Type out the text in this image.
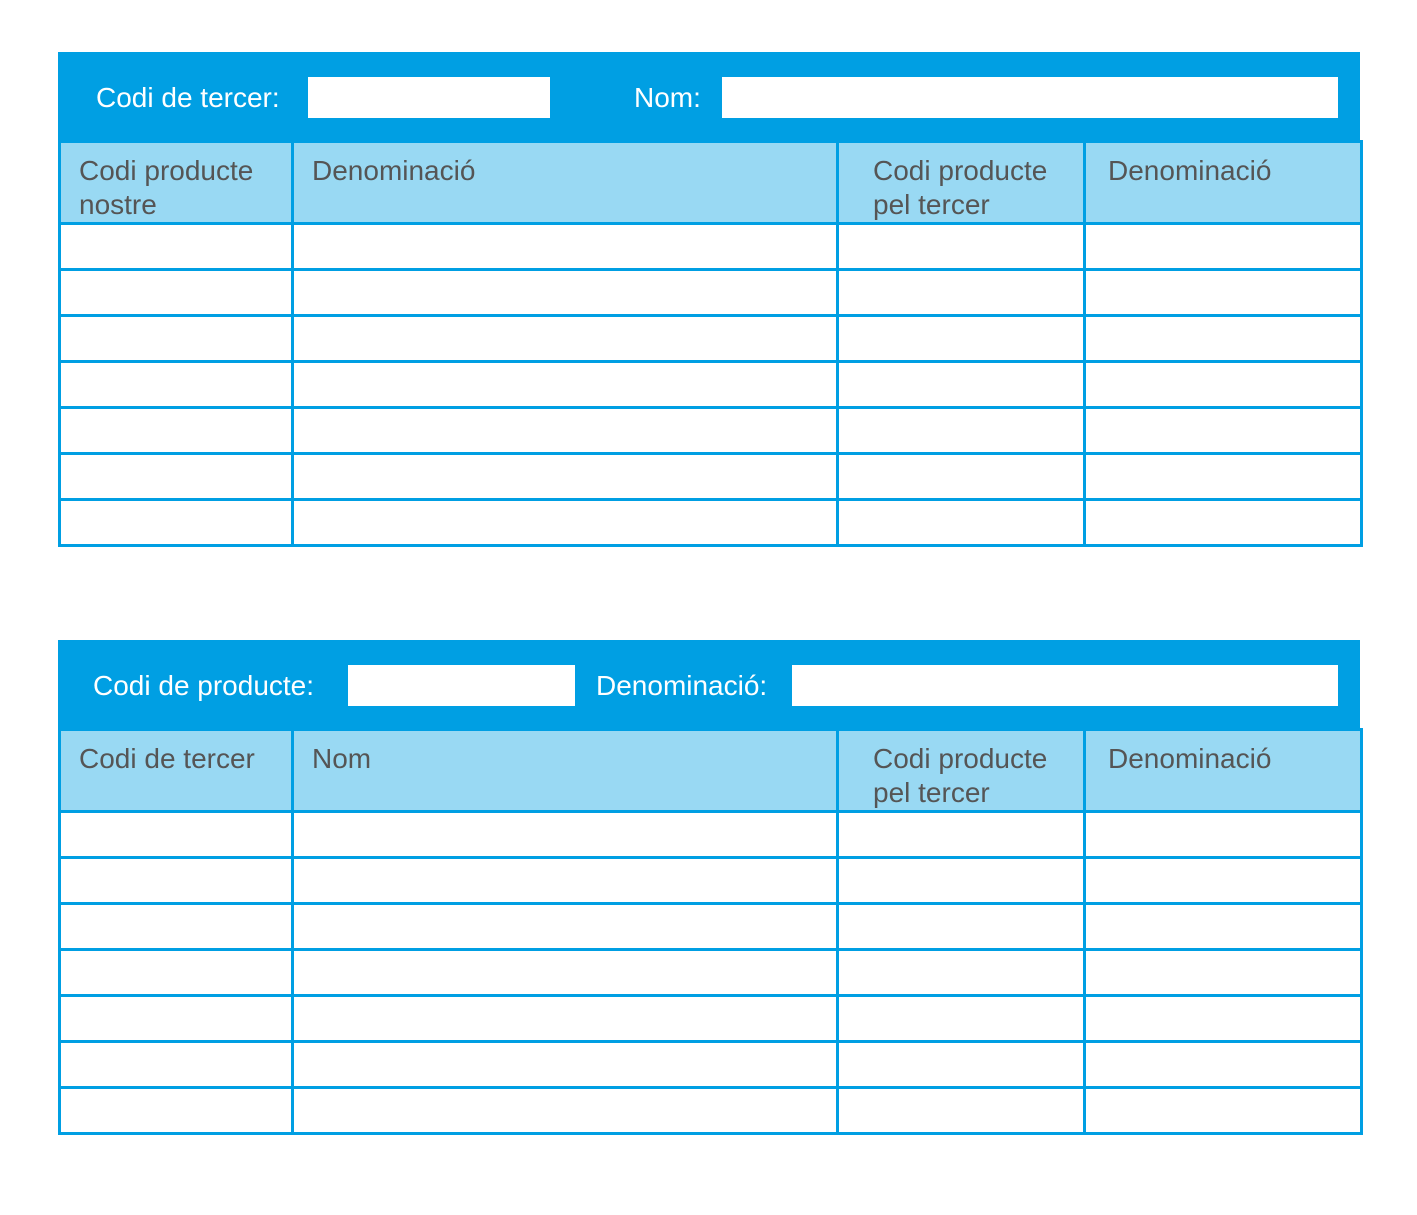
Codi de tercer:	Nom:
Codi producte nostre	Denominació	Codi producte pel tercer	Denominació

Codi de producte:	Denominació:
Codi de tercer	Nom	Codi producte pel tercer	Denominació
